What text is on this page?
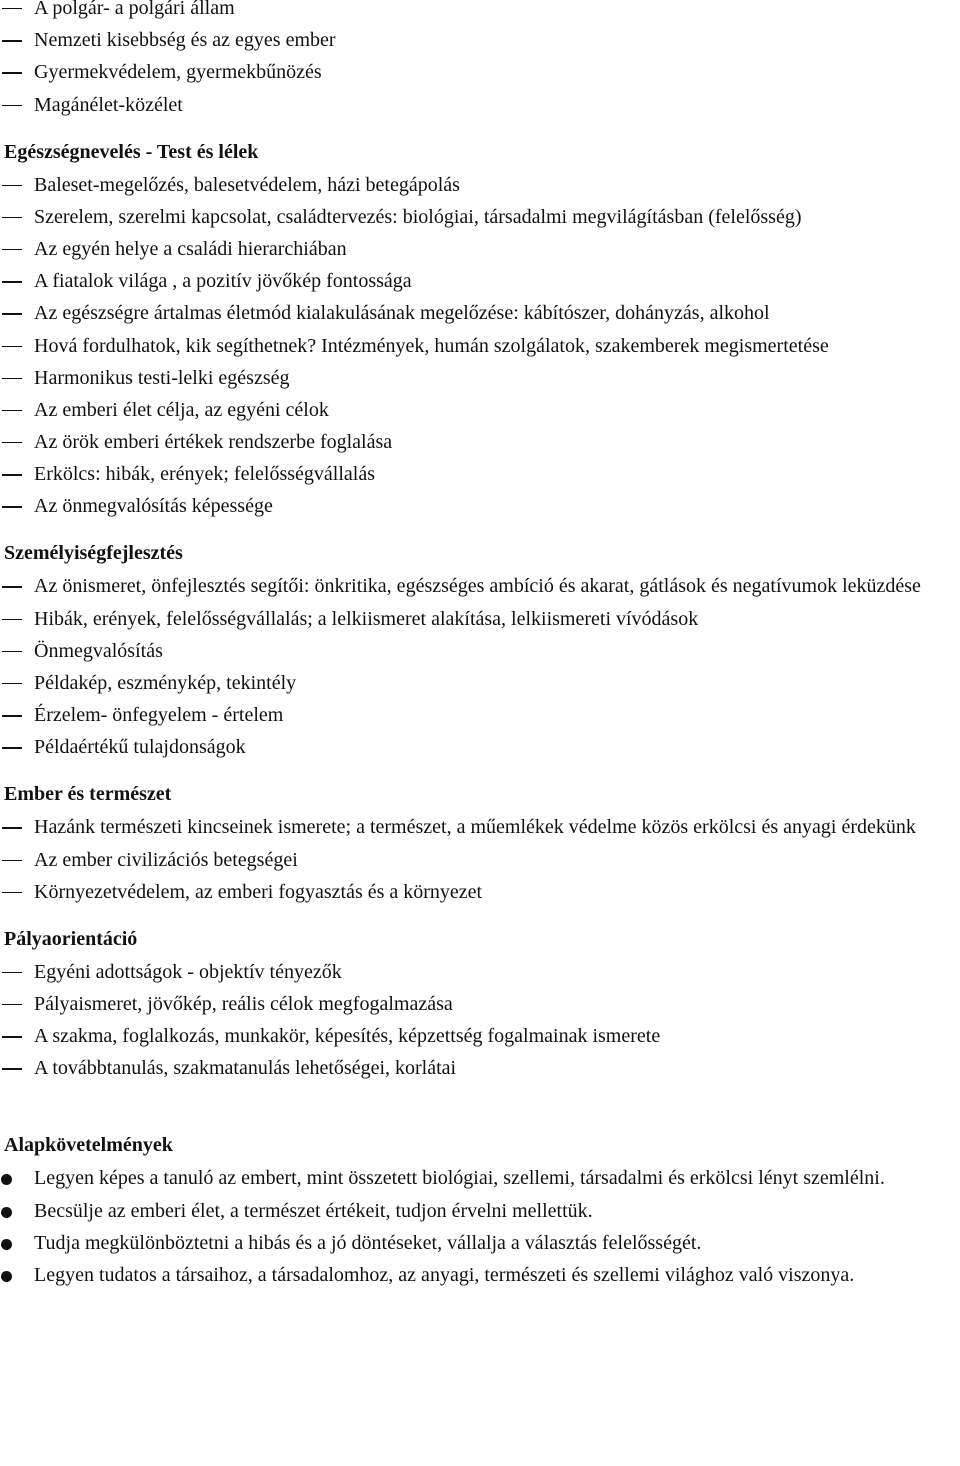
A polgár- a polgári állam
Nemzeti kisebbség és az egyes ember
Gyermekvédelem, gyermekbűnözés
Magánélet-közélet
Egészségnevelés - Test és lélek
Baleset-megelőzés, balesetvédelem, házi betegápolás
Szerelem, szerelmi kapcsolat, családtervezés: biológiai, társadalmi megvilágításban (felelősség)
Az egyén helye a családi hierarchiában
A fiatalok világa , a pozitív jövőkép fontossága
Az egészségre ártalmas életmód kialakulásának megelőzése: kábítószer, dohányzás, alkohol
Hová fordulhatok, kik segíthetnek? Intézmények, humán szolgálatok, szakemberek megismertetése
Harmonikus testi-lelki egészség
Az emberi élet célja, az egyéni célok
Az örök emberi értékek rendszerbe foglalása
Erkölcs: hibák, erények; felelősségvállalás
Az önmegvalósítás képessége
Személyiségfejlesztés
Az önismeret, önfejlesztés segítői: önkritika, egészséges ambíció és akarat, gátlások és negatívumok leküzdése
Hibák, erények, felelősségvállalás; a lelkiismeret alakítása, lelkiismereti vívódások
Önmegvalósítás
Példakép, eszménykép, tekintély
Érzelem- önfegyelem - értelem
Példaértékű tulajdonságok
Ember és természet
Hazánk természeti kincseinek ismerete; a természet, a műemlékek védelme közös erkölcsi és anyagi érdekünk
Az ember civilizációs betegségei
Környezetvédelem, az emberi fogyasztás és a környezet
Pályaorientáció
Egyéni adottságok - objektív tényezők
Pályaismeret, jövőkép, reális célok megfogalmazása
A szakma, foglalkozás, munkakör, képesítés, képzettség fogalmainak ismerete
A továbbtanulás, szakmatanulás lehetőségei, korlátai
Alapkövetelmények
Legyen képes a tanuló az embert, mint összetett biológiai, szellemi, társadalmi és erkölcsi lényt szemlélni.
Becsülje az emberi élet, a természet értékeit, tudjon érvelni mellettük.
Tudja megkülönböztetni a hibás és a jó döntéseket, vállalja a választás felelősségét.
Legyen tudatos a társaihoz, a társadalomhoz, az anyagi, természeti és szellemi világhoz való viszonya.
